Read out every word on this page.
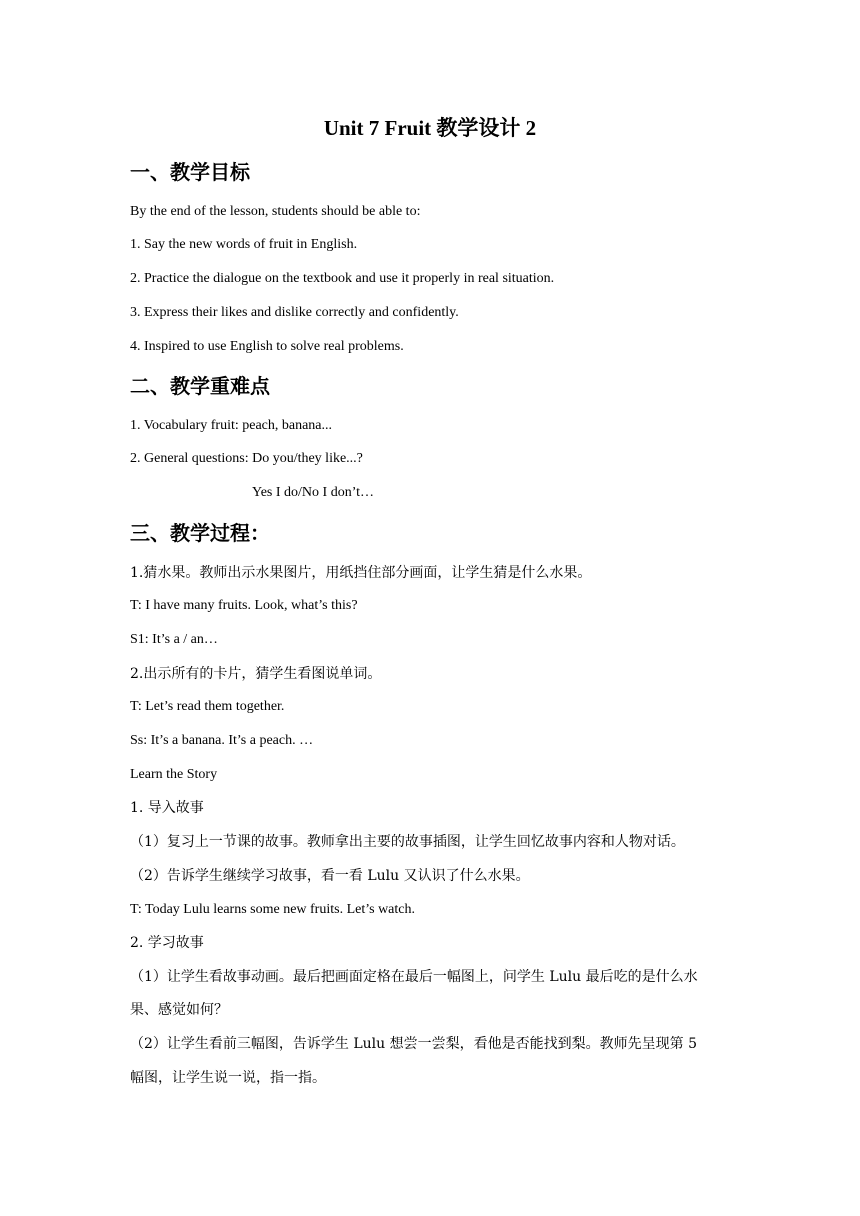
Unit 7 Fruit 教学设计 2
一、教学目标
By the end of the lesson, students should be able to:
1. Say the new words of fruit in English.
2. Practice the dialogue on the textbook and use it properly in real situation.
3. Express their likes and dislike correctly and confidently.
4. Inspired to use English to solve real problems.
二、教学重难点
1. Vocabulary fruit: peach, banana...
2. General questions: Do you/they like...?
Yes I do/No I don’t…
三、教学过程：
1.猜水果。教师出示水果图片，用纸挡住部分画面，让学生猜是什么水果。
T: I have many fruits. Look, what’s this?
S1: It’s a / an…
2.出示所有的卡片，猜学生看图说单词。
T: Let’s read them together.
Ss: It’s a banana. It’s a peach. …
Learn the Story
1. 导入故事
（1）复习上一节课的故事。教师拿出主要的故事插图，让学生回忆故事内容和人物对话。
（2）告诉学生继续学习故事，看一看 Lulu 又认识了什么水果。
T: Today Lulu learns some new fruits. Let’s watch.
2. 学习故事
（1）让学生看故事动画。最后把画面定格在最后一幅图上，问学生 Lulu 最后吃的是什么水
果、感觉如何？
（2）让学生看前三幅图，告诉学生 Lulu 想尝一尝梨，看他是否能找到梨。教师先呈现第 5
幅图，让学生说一说，指一指。
